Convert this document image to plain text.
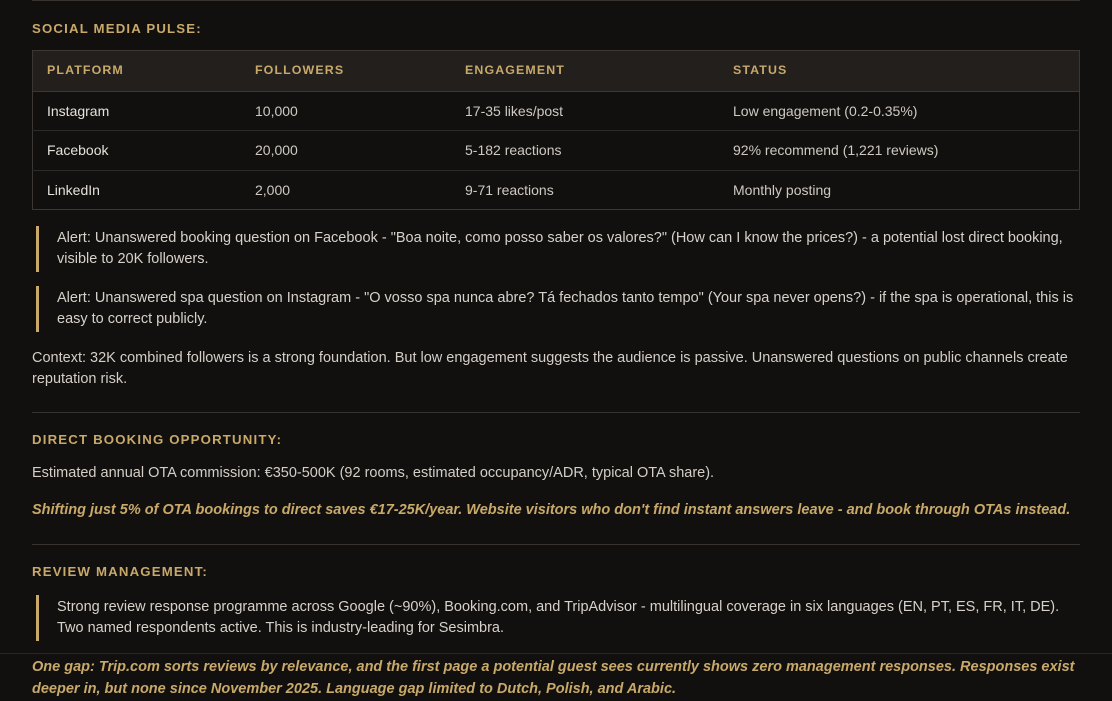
SOCIAL MEDIA PULSE:
PLATFORM	FOLLOWERS	ENGAGEMENT	STATUS
Instagram	10,000	17-35 likes/post	Low engagement (0.2-0.35%)
Facebook	20,000	5-182 reactions	92% recommend (1,221 reviews)
LinkedIn	2,000	9-71 reactions	Monthly posting
Alert: Unanswered booking question on Facebook - "Boa noite, como posso saber os valores?" (How can I know the prices?) - a potential lost direct booking, visible to 20K followers.
Alert: Unanswered spa question on Instagram - "O vosso spa nunca abre? Tá fechados tanto tempo" (Your spa never opens?) - if the spa is operational, this is easy to correct publicly.
Context: 32K combined followers is a strong foundation. But low engagement suggests the audience is passive. Unanswered questions on public channels create reputation risk.
DIRECT BOOKING OPPORTUNITY:
Estimated annual OTA commission: €350-500K (92 rooms, estimated occupancy/ADR, typical OTA share).
Shifting just 5% of OTA bookings to direct saves €17-25K/year. Website visitors who don't find instant answers leave - and book through OTAs instead.
REVIEW MANAGEMENT:
Strong review response programme across Google (~90%), Booking.com, and TripAdvisor - multilingual coverage in six languages (EN, PT, ES, FR, IT, DE). Two named respondents active. This is industry-leading for Sesimbra.
One gap: Trip.com sorts reviews by relevance, and the first page a potential guest sees currently shows zero management responses. Responses exist deeper in, but none since November 2025. Language gap limited to Dutch, Polish, and Arabic.
